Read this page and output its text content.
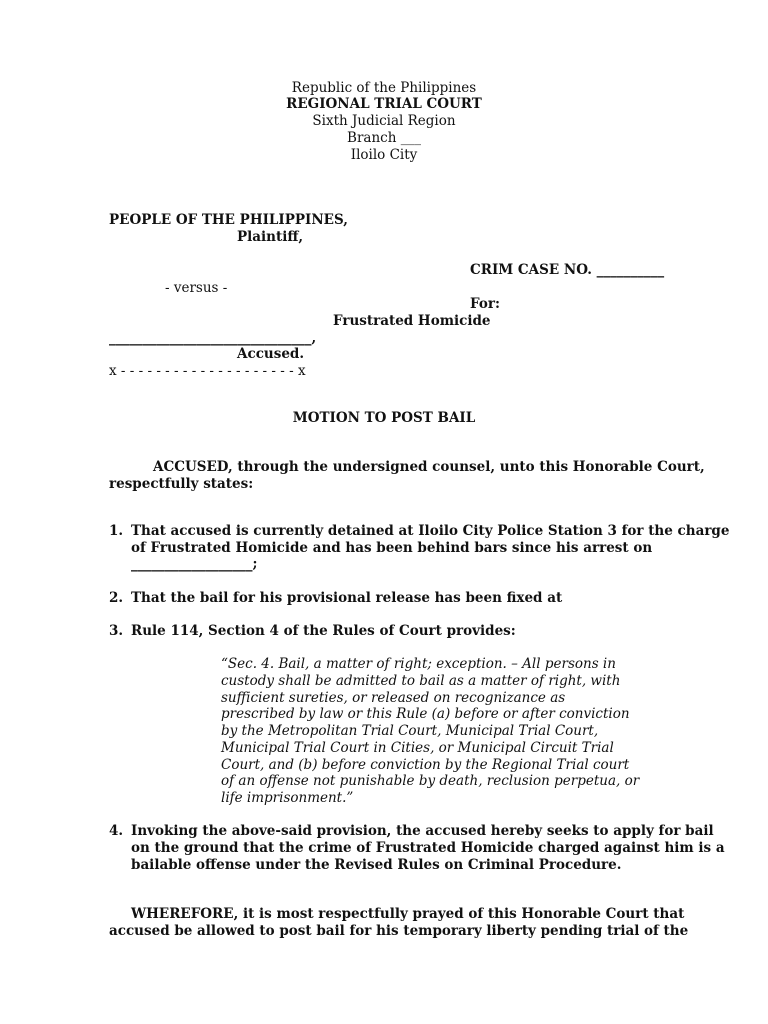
Republic of the Philippines
REGIONAL TRIAL COURT
Sixth Judicial Region
Branch ___
Iloilo City
PEOPLE OF THE PHILIPPINES,
Plaintiff,
CRIM CASE NO. __________
- versus -
For:
Frustrated Homicide
______________________________,
Accused.
x - - - - - - - - - - - - - - - - - - - - x
MOTION TO POST BAIL
ACCUSED, through the undersigned counsel, unto this Honorable Court,
respectfully states:
1. That accused is currently detained at Iloilo City Police Station 3 for the charge
of Frustrated Homicide and has been behind bars since his arrest on
__________________;
2. That the bail for his provisional release has been fixed at
3. Rule 114, Section 4 of the Rules of Court provides:
“Sec. 4. Bail, a matter of right; exception. – All persons in
custody shall be admitted to bail as a matter of right, with
sufficient sureties, or released on recognizance as
prescribed by law or this Rule (a) before or after conviction
by the Metropolitan Trial Court, Municipal Trial Court,
Municipal Trial Court in Cities, or Municipal Circuit Trial
Court, and (b) before conviction by the Regional Trial court
of an offense not punishable by death, reclusion perpetua, or
life imprisonment.”
4. Invoking the above-said provision, the accused hereby seeks to apply for bail
on the ground that the crime of Frustrated Homicide charged against him is a
bailable offense under the Revised Rules on Criminal Procedure.
WHEREFORE, it is most respectfully prayed of this Honorable Court that
accused be allowed to post bail for his temporary liberty pending trial of the
